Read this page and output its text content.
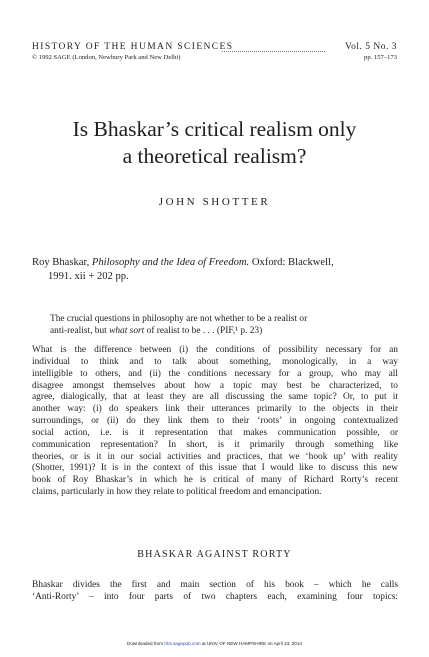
HISTORY OF THE HUMAN SCIENCES	Vol. 5 No. 3
© 1992 SAGE (London, Newbury Park and New Delhi)	pp. 157–173
Is Bhaskar’s critical realism only
a theoretical realism?
JOHN SHOTTER
Roy Bhaskar, Philosophy and the Idea of Freedom. Oxford: Blackwell,
1991. xii + 202 pp.
The crucial questions in philosophy are not whether to be a realist or
anti-realist, but what sort of realist to be . . . (PIF,¹ p. 23)
What is the difference between (i) the conditions of possibility necessary for an
individual to think and to talk about something, monologically, in a way
intelligible to others, and (ii) the conditions necessary for a group, who may all
disagree amongst themselves about how a topic may best be characterized, to
agree, dialogically, that at least they are all discussing the same topic? Or, to put it
another way: (i) do speakers link their utterances primarily to the objects in their
surroundings, or (ii) do they link them to their ‘roots’ in ongoing contextualized
social action, i.e. is it representation that makes communication possible, or
communication representation? In short, is it primarily through something like
theories, or is it in our social activities and practices, that we ‘hook up’ with reality
(Shotter, 1991)? It is in the context of this issue that I would like to discuss this new
book of Roy Bhaskar’s in which he is critical of many of Richard Rorty’s recent
claims, particularly in how they relate to political freedom and emancipation.
BHASKAR AGAINST RORTY
Bhaskar divides the first and main section of his book – which he calls
‘Anti-Rorty’ – into four parts of two chapters each, examining four topics:
Downloaded from hhs.sagepub.com at UNIV OF NEW HAMPSHIRE on April 23, 2014
